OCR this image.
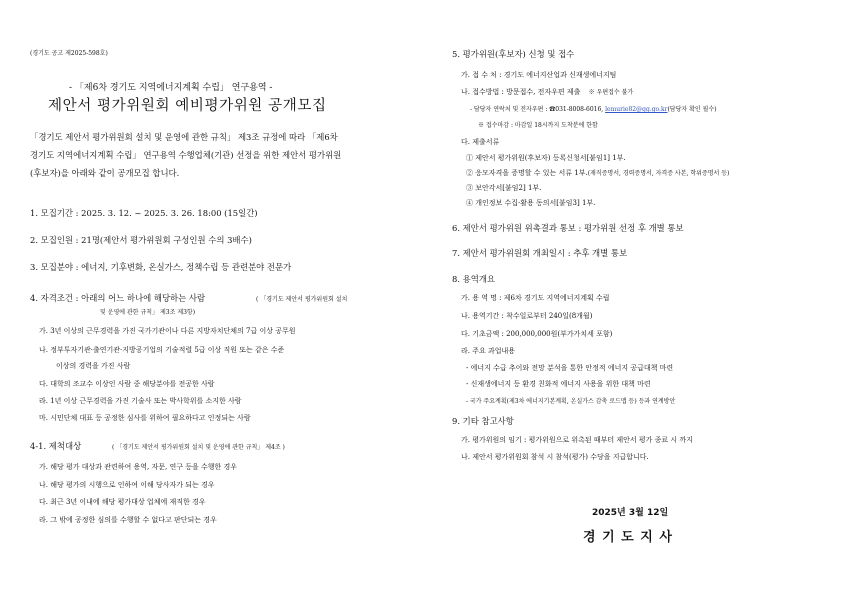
(경기도 공고 제2025-598호)
- 「제6차 경기도 지역에너지계획 수립」 연구용역 -
제안서 평가위원회 예비평가위원 공개모집
「경기도 제안서 평가위원회 설치 및 운영에 관한 규칙」 제3조 규정에 따라 「제6차
경기도 지역에너지계획 수립」 연구용역 수행업체(기관) 선정을 위한 제안서 평가위원
(후보자)을 아래와 같이 공개모집 합니다.
1. 모집기간 : 2025. 3. 12. ~ 2025. 3. 26. 18:00 (15일간)
2. 모집인원 : 21명(제안서 평가위원회 구성인원 수의 3배수)
3. 모집분야 : 에너지, 기후변화, 온실가스, 정책수립 등 관련분야 전문가
4. 자격조건 : 아래의 어느 하나에 해당하는 사람	( 「경기도 제안서 평가위원회 설치
및 운영에 관한 규칙」 제3조 제3항)
가. 3년 이상의 근무경력을 가진 국가기관이나 다른 지방자치단체의 7급 이상 공무원
나. 정부투자기관·출연기관·지방공기업의 기술적렬 5급 이상 직원 또는 같은 수준
이상의 경력을 가진 사람
다. 대학의 조교수 이상인 사람 중 해당분야를 전공한 사람
라. 1년 이상 근무경력을 가진 기술사 또는 박사학위를 소지한 사람
마. 시민단체 대표 등 공정한 심사를 위하여 필요하다고 인정되는 사람
4-1. 제척대상	( 「경기도 제안서 평가위원회 설치 및 운영에 관한 규칙」 제4조 )
가. 해당 평가 대상과 관련하여 용역, 자문, 연구 등을 수행한 경우
나. 해당 평가의 시행으로 인하여 이해 당사자가 되는 경우
다. 최근 3년 이내에 해당 평가대상 업체에 재직한 경우
라. 그 밖에 공정한 심의를 수행할 수 없다고 판단되는 경우
5. 평가위원(후보자) 신청 및 접수
가. 접 수 처 : 경기도 에너지산업과 신재생에너지팀
나. 접수방법 : 방문접수, 전자우편 제출 ※ 우편접수 불가
- 담당자 연락처 및 전자우편 : ☎031-8008-6016, lemurie82@gg.go.kr(담당자 확인 필수)
※ 접수마감 : 마감일 18시까지 도착분에 한함
다. 제출서류
① 제안서 평가위원(후보자) 등록신청서[붙임1] 1부.
② 응모자격을 증명할 수 있는 서류 1부.(재직증명서, 경력증명서, 자격증 사본, 학위증명서 등)
③ 보안각서[붙임2] 1부.
④ 개인정보 수집·활용 동의서[붙임3] 1부.
6. 제안서 평가위원 위촉결과 통보 : 평가위원 선정 후 개별 통보
7. 제안서 평가위원회 개최일시 : 추후 개별 통보
8. 용역개요
가. 용 역 명 : 제6차 경기도 지역에너지계획 수립
나. 용역기간 : 착수일로부터 240일(8개월)
다. 기초금액 : 200,000,000원(부가가치세 포함)
라. 주요 과업내용
- 에너지 수급 추이와 전망 분석을 통한 안정적 에너지 공급대책 마련
- 신재생에너지 등 환경 친화적 에너지 사용을 위한 대책 마련
- 국가 주요계획(제3차 에너지기본계획, 온실가스 감축 로드맵 등) 등과 연계방안
9. 기타 참고사항
가. 평가위원의 임기 : 평가위원으로 위촉된 때부터 제안서 평가 종료 시 까지
나. 제안서 평가위원회 참석 시 참석(평가) 수당을 지급합니다.
2025년 3월 12일
경 기 도 지 사
